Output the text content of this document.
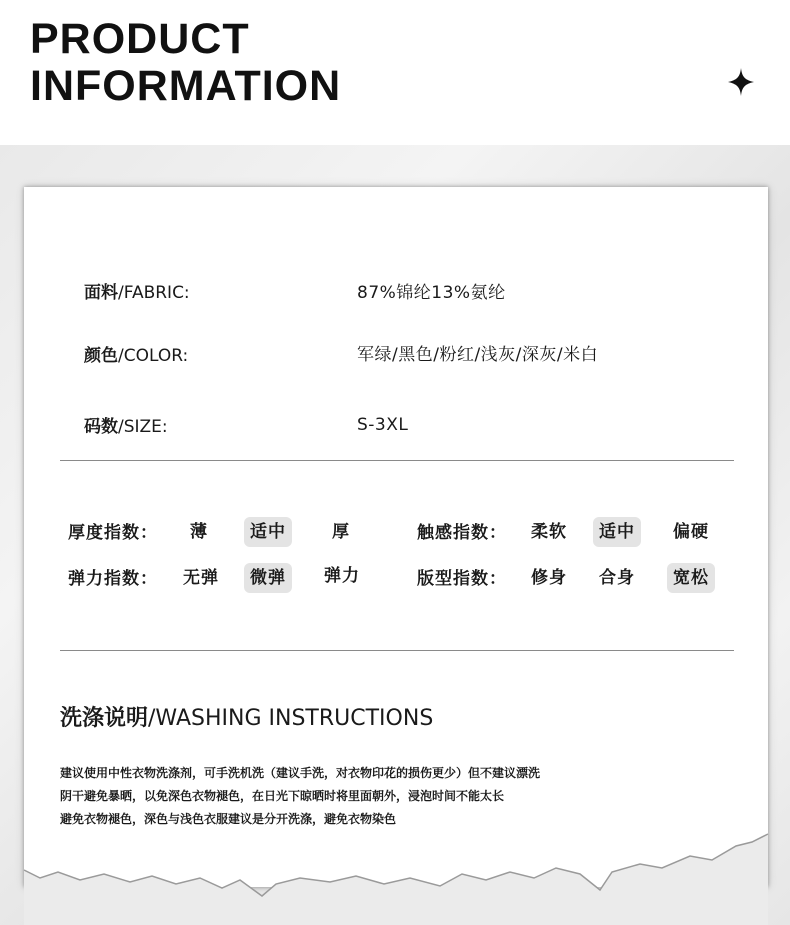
PRODUCT
INFORMATION
面料/FABRIC:	87%锦纶13%氨纶
颜色/COLOR:	军绿/黑色/粉红/浅灰/深灰/米白
码数/SIZE:	S-3XL
厚度指数：	薄	适中	厚	触感指数：	柔软	适中	偏硬
弹力指数：	无弹	微弹	弹力	版型指数：	修身	合身	宽松
洗涤说明/WASHING INSTRUCTIONS
建议使用中性衣物洗涤剂，可手洗机洗（建议手洗，对衣物印花的损伤更少）但不建议漂洗
阴干避免暴晒，以免深色衣物褪色，在日光下晾晒时将里面朝外，浸泡时间不能太长
避免衣物褪色，深色与浅色衣服建议是分开洗涤，避免衣物染色
